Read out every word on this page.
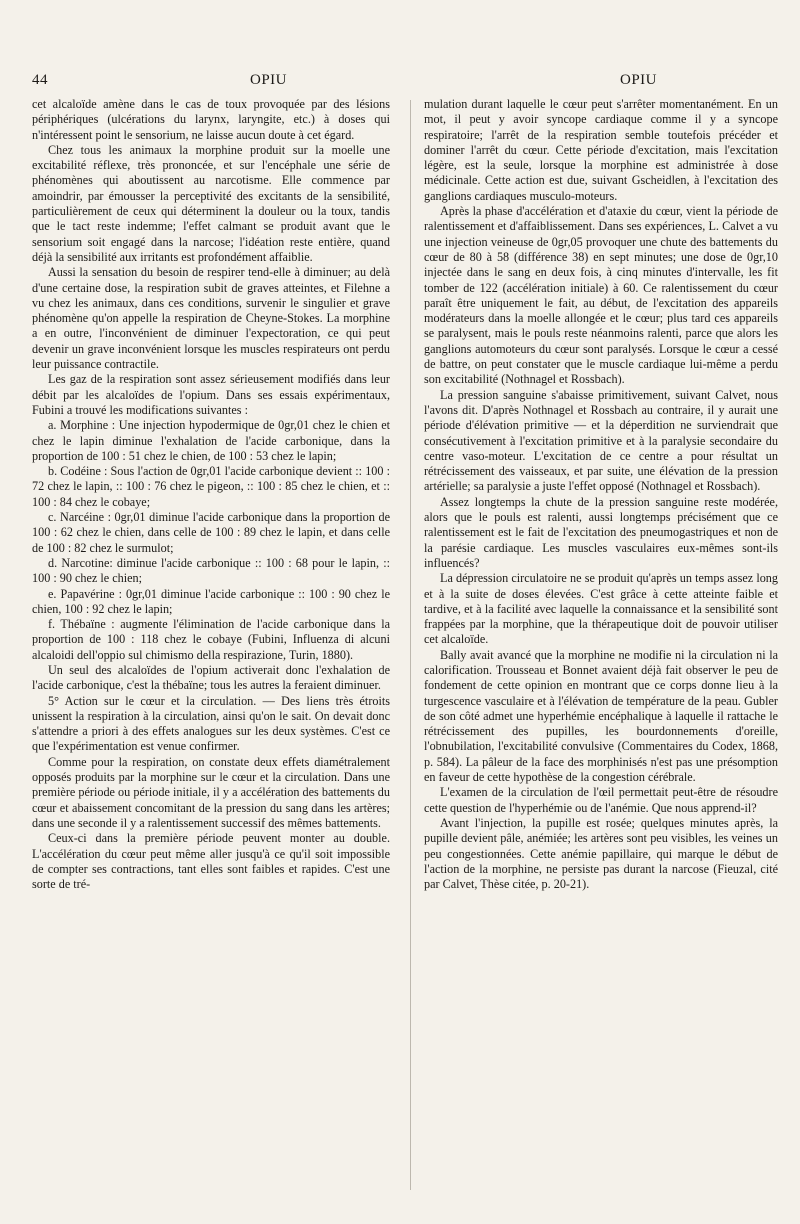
44	OPIU	OPIU

cet alcaloïde amène dans le cas de toux provoquée par des lésions périphériques (ulcérations du larynx, laryngite, etc.) à doses qui n'intéressent point le sensorium, ne laisse aucun doute à cet égard.

Chez tous les animaux la morphine produit sur la moelle une excitabilité réflexe, très prononcée, et sur l'encéphale une série de phénomènes qui aboutissent au narcotisme. Elle commence par amoindrir, par émousser la perceptivité des excitants de la sensibilité, particulièrement de ceux qui déterminent la douleur ou la toux, tandis que le tact reste indemme; l'effet calmant se produit avant que le sensorium soit engagé dans la narcose; l'idéation reste entière, quand déjà la sensibilité aux irritants est profondément affaiblie.

Aussi la sensation du besoin de respirer tend-elle à diminuer; au delà d'une certaine dose, la respiration subit de graves atteintes, et Filehne a vu chez les animaux, dans ces conditions, survenir le singulier et grave phénomène qu'on appelle la respiration de Cheyne-Stokes. La morphine a en outre, l'inconvénient de diminuer l'expectoration, ce qui peut devenir un grave inconvénient lorsque les muscles respirateurs ont perdu leur puissance contractile.

Les gaz de la respiration sont assez sérieusement modifiés dans leur débit par les alcaloïdes de l'opium. Dans ses essais expérimentaux, Fubini a trouvé les modifications suivantes :

a. Morphine : Une injection hypodermique de 0gr,01 chez le chien et chez le lapin diminue l'exhalation de l'acide carbonique, dans la proportion de 100 : 51 chez le chien, de 100 : 53 chez le lapin;

b. Codéine : Sous l'action de 0gr,01 l'acide carbonique devient :: 100 : 72 chez le lapin, :: 100 : 76 chez le pigeon, :: 100 : 85 chez le chien, et :: 100 : 84 chez le cobaye;

c. Narcéine : 0gr,01 diminue l'acide carbonique dans la proportion de 100 : 62 chez le chien, dans celle de 100 : 89 chez le lapin, et dans celle de 100 : 82 chez le surmulot;

d. Narcotine: diminue l'acide carbonique :: 100 : 68 pour le lapin, :: 100 : 90 chez le chien;

e. Papavérine : 0gr,01 diminue l'acide carbonique :: 100 : 90 chez le chien, 100 : 92 chez le lapin;

f. Thébaïne : augmente l'élimination de l'acide carbonique dans la proportion de 100 : 118 chez le cobaye (Fubini, Influenza di alcuni alcaloidi dell'oppio sul chimismo della respirazione, Turin, 1880).

Un seul des alcaloïdes de l'opium activerait donc l'exhalation de l'acide carbonique, c'est la thébaïne; tous les autres la feraient diminuer.

5° Action sur le cœur et la circulation. — Des liens très étroits unissent la respiration à la circulation, ainsi qu'on le sait. On devait donc s'attendre a priori à des effets analogues sur les deux systèmes. C'est ce que l'expérimentation est venue confirmer.

Comme pour la respiration, on constate deux effets diamétralement opposés produits par la morphine sur le cœur et la circulation. Dans une première période ou période initiale, il y a accélération des battements du cœur et abaissement concomitant de la pression du sang dans les artères; dans une seconde il y a ralentissement successif des mêmes battements.

Ceux-ci dans la première période peuvent monter au double. L'accélération du cœur peut même aller jusqu'à ce qu'il soit impossible de compter ses contractions, tant elles sont faibles et rapides. C'est une sorte de tré-

mulation durant laquelle le cœur peut s'arrêter momentanément. En un mot, il peut y avoir syncope cardiaque comme il y a syncope respiratoire; l'arrêt de la respiration semble toutefois précéder et dominer l'arrêt du cœur. Cette période d'excitation, mais l'excitation légère, est la seule, lorsque la morphine est administrée à dose médicinale. Cette action est due, suivant Gscheidlen, à l'excitation des ganglions cardiaques musculo-moteurs.

Après la phase d'accélération et d'ataxie du cœur, vient la période de ralentissement et d'affaiblissement. Dans ses expériences, L. Calvet a vu une injection veineuse de 0gr,05 provoquer une chute des battements du cœur de 80 à 58 (différence 38) en sept minutes; une dose de 0gr,10 injectée dans le sang en deux fois, à cinq minutes d'intervalle, les fit tomber de 122 (accélération initiale) à 60. Ce ralentissement du cœur paraît être uniquement le fait, au début, de l'excitation des appareils modérateurs dans la moelle allongée et le cœur; plus tard ces appareils se paralysent, mais le pouls reste néanmoins ralenti, parce que alors les ganglions automoteurs du cœur sont paralysés. Lorsque le cœur a cessé de battre, on peut constater que le muscle cardiaque lui-même a perdu son excitabilité (Nothnagel et Rossbach).

La pression sanguine s'abaisse primitivement, suivant Calvet, nous l'avons dit. D'après Nothnagel et Rossbach au contraire, il y aurait une période d'élévation primitive — et la déperdition ne surviendrait que consécutivement à l'excitation primitive et à la paralysie secondaire du centre vaso-moteur. L'excitation de ce centre a pour résultat un rétrécissement des vaisseaux, et par suite, une élévation de la pression artérielle; sa paralysie a juste l'effet opposé (Nothnagel et Rossbach).

Assez longtemps la chute de la pression sanguine reste modérée, alors que le pouls est ralenti, aussi longtemps précisément que ce ralentissement est le fait de l'excitation des pneumogastriques et non de la parésie cardiaque. Les muscles vasculaires eux-mêmes sont-ils influencés?

La dépression circulatoire ne se produit qu'après un temps assez long et à la suite de doses élevées. C'est grâce à cette atteinte faible et tardive, et à la facilité avec laquelle la connaissance et la sensibilité sont frappées par la morphine, que la thérapeutique doit de pouvoir utiliser cet alcaloïde.

Bally avait avancé que la morphine ne modifie ni la circulation ni la calorification. Trousseau et Bonnet avaient déjà fait observer le peu de fondement de cette opinion en montrant que ce corps donne lieu à la turgescence vasculaire et à l'élévation de température de la peau. Gubler de son côté admet une hyperhémie encéphalique à laquelle il rattache le rétrécissement des pupilles, les bourdonnements d'oreille, l'obnubilation, l'excitabilité convulsive (Commentaires du Codex, 1868, p. 584). La pâleur de la face des morphinisés n'est pas une présomption en faveur de cette hypothèse de la congestion cérébrale.

L'examen de la circulation de l'œil permettait peut-être de résoudre cette question de l'hyperhémie ou de l'anémie. Que nous apprend-il?

Avant l'injection, la pupille est rosée; quelques minutes après, la pupille devient pâle, anémiée; les artères sont peu visibles, les veines un peu congestionnées. Cette anémie papillaire, qui marque le début de l'action de la morphine, ne persiste pas durant la narcose (Fieuzal, cité par Calvet, Thèse citée, p. 20-21).
